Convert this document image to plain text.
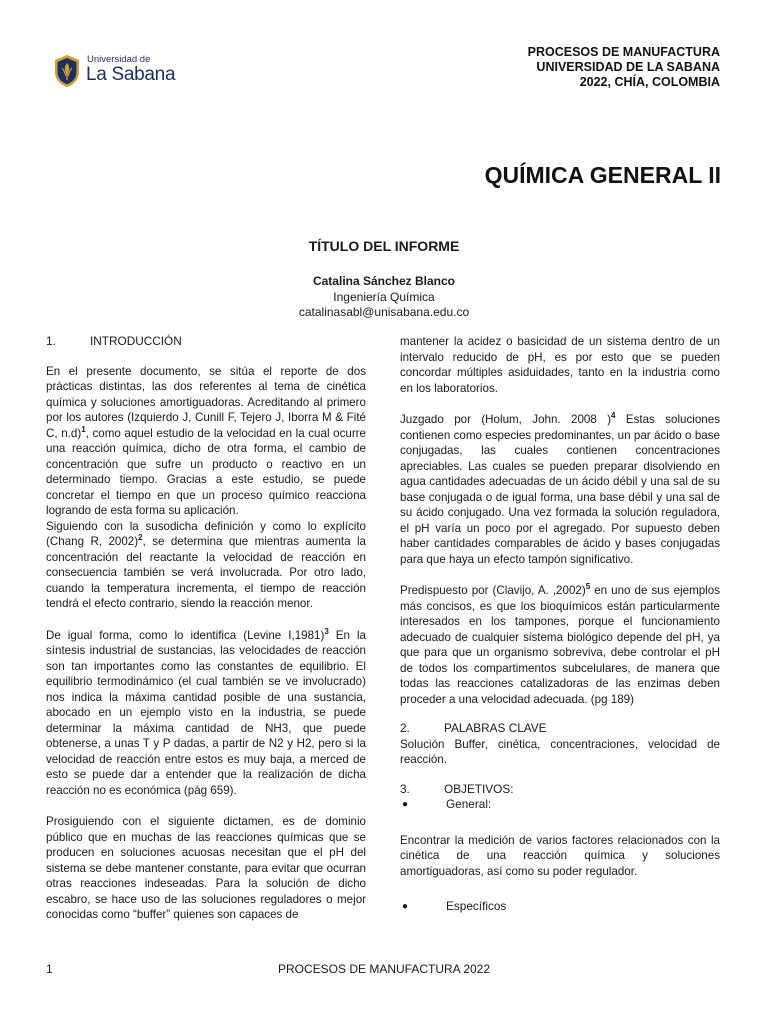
Universidad de
La Sabana
PROCESOS DE MANUFACTURA
UNIVERSIDAD DE LA SABANA
2022, CHÍA, COLOMBIA
QUÍMICA GENERAL II
TÍTULO DEL INFORME
Catalina Sánchez Blanco
Ingeniería Química
catalinasabl@unisabana.edu.co
1.	INTRODUCCIÓN

En el presente documento, se sitúa el reporte de dos prácticas distintas, las dos referentes al tema de cinética química y soluciones amortiguadoras. Acreditando al primero por los autores (Izquierdo J, Cunill F, Tejero J, Iborra M & Fité C, n.d)$^1$, como aquel estudio de la velocidad en la cual ocurre una reacción química, dicho de otra forma, el cambio de concentración que sufre un producto o reactivo en un determinado tiempo. Gracias a este estudio, se puede concretar el tiempo en que un proceso químico reacciona logrando de esta forma su aplicación.

Siguiendo con la susodicha definición y como lo explícito (Chang R, 2002)$^2$, se determina que mientras aumenta la concentración del reactante la velocidad de reacción en consecuencia también se verá involucrada. Por otro lado, cuando la temperatura incrementa, el tiempo de reacción tendrá el efecto contrario, siendo la reacción menor.

De igual forma, como lo identifica (Levine I,1981)$^3$ En la síntesis industrial de sustancias, las velocidades de reacción son tan importantes como las constantes de equilibrio. El equilibrio termodinámico (el cual también se ve involucrado) nos indica la máxima cantidad posible de una sustancia, abocado en un ejemplo visto en la industria, se puede determinar la máxima cantidad de NH3, que puede obtenerse, a unas T y P dadas, a partir de N2 y H2, pero si la velocidad de reacción entre estos es muy baja, a merced de esto se puede dar a entender que la realización de dicha reacción no es económica (pág 659).

Prosiguiendo con el siguiente dictamen, es de dominio público que en muchas de las reacciones químicas que se producen en soluciones acuosas necesitan que el pH del sistema se debe mantener constante, para evitar que ocurran otras reacciones indeseadas. Para la solución de dicho escabro, se hace uso de las soluciones reguladores o mejor conocidas como “buffer” quienes son capaces de

mantener la acidez o basicidad de un sistema dentro de un intervalo reducido de pH, es por esto que se pueden concordar múltiples asiduidades, tanto en la industria como en los laboratorios.

Juzgado por (Holum, John. 2008 )$^4$ Estas soluciones contienen como especies predominantes, un par ácido o base conjugadas, las cuales contienen concentraciones apreciables. Las cuales se pueden preparar disolviendo en agua cantidades adecuadas de un ácido débil y una sal de su base conjugada o de igual forma, una base débil y una sal de su ácido conjugado. Una vez formada la solución reguladora, el pH varía un poco por el agregado. Por supuesto deben haber cantidades comparables de ácido y bases conjugadas para que haya un efecto tampón significativo.

Predispuesto por (Clavijo, A. ,2002)$^5$ en uno de sus ejemplos más concisos, es que los bioquímicos están particularmente interesados en los tampones, porque el funcionamiento adecuado de cualquier sistema biológico depende del pH, ya que para que un organismo sobreviva, debe controlar el pH de todos los compartimentos subcelulares, de manera que todas las reacciones catalizadoras de las enzimas deben proceder a una velocidad adecuada. (pg 189)

2.	PALABRAS CLAVE

Solución Buffer, cinética, concentraciones, velocidad de reacción.

3.	OBJETIVOS:
●	General:

Encontrar la medición de varios factores relacionados con la cinética de una reacción química y soluciones amortiguadoras, así como su poder regulador.

●	Específicos
PROCESOS DE MANUFACTURA 2022
1
